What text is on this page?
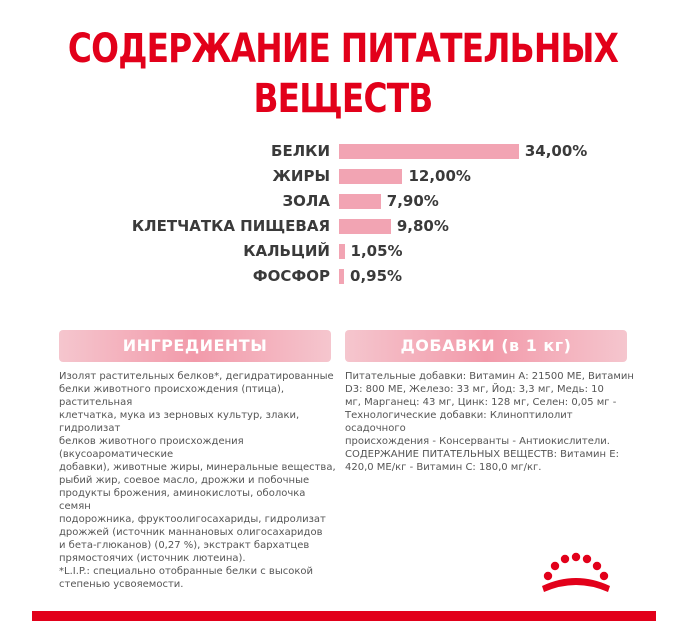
СОДЕРЖАНИЕ ПИТАТЕЛЬНЫХ
ВЕЩЕСТВ
БЕЛКИ	34,00%
ЖИРЫ	12,00%
ЗОЛА	7,90%
КЛЕТЧАТКА ПИЩЕВАЯ	9,80%
КАЛЬЦИЙ 1,05%
ФОСФОР 0,95%
ИНГРЕДИЕНТЫ
Изолят растительных белков*, дегидратированные
белки животного происхождения (птица), растительная
клетчатка, мука из зерновых культур, злаки, гидролизат
белков животного происхождения (вкусоароматические
добавки), животные жиры, минеральные вещества,
рыбий жир, соевое масло, дрожжи и побочные
продукты брожения, аминокислоты, оболочка семян
подорожника, фруктоолигосахариды, гидролизат
дрожжей (источник маннановых олигосахаридов
и бета-глюканов) (0,27 %), экстракт бархатцев
прямостоячих (источник лютеина).
*L.I.P.: специально отобранные белки с высокой
степенью усвояемости.
ДОБАВКИ (в 1 кг)
Питательные добавки: Витамин А: 21500 МЕ, Витамин
D3: 800 МЕ, Железо: 33 мг, Йод: 3,3 мг, Медь: 10
мг, Марганец: 43 мг, Цинк: 128 мг, Селен: 0,05 мг -
Технологические добавки: Клиноптилолит осадочного
происхождения - Консерванты - Антиокислители.
СОДЕРЖАНИЕ ПИТАТЕЛЬНЫХ ВЕЩЕСТВ: Витамин Е:
420,0 МЕ/кг - Витамин С: 180,0 мг/кг.
